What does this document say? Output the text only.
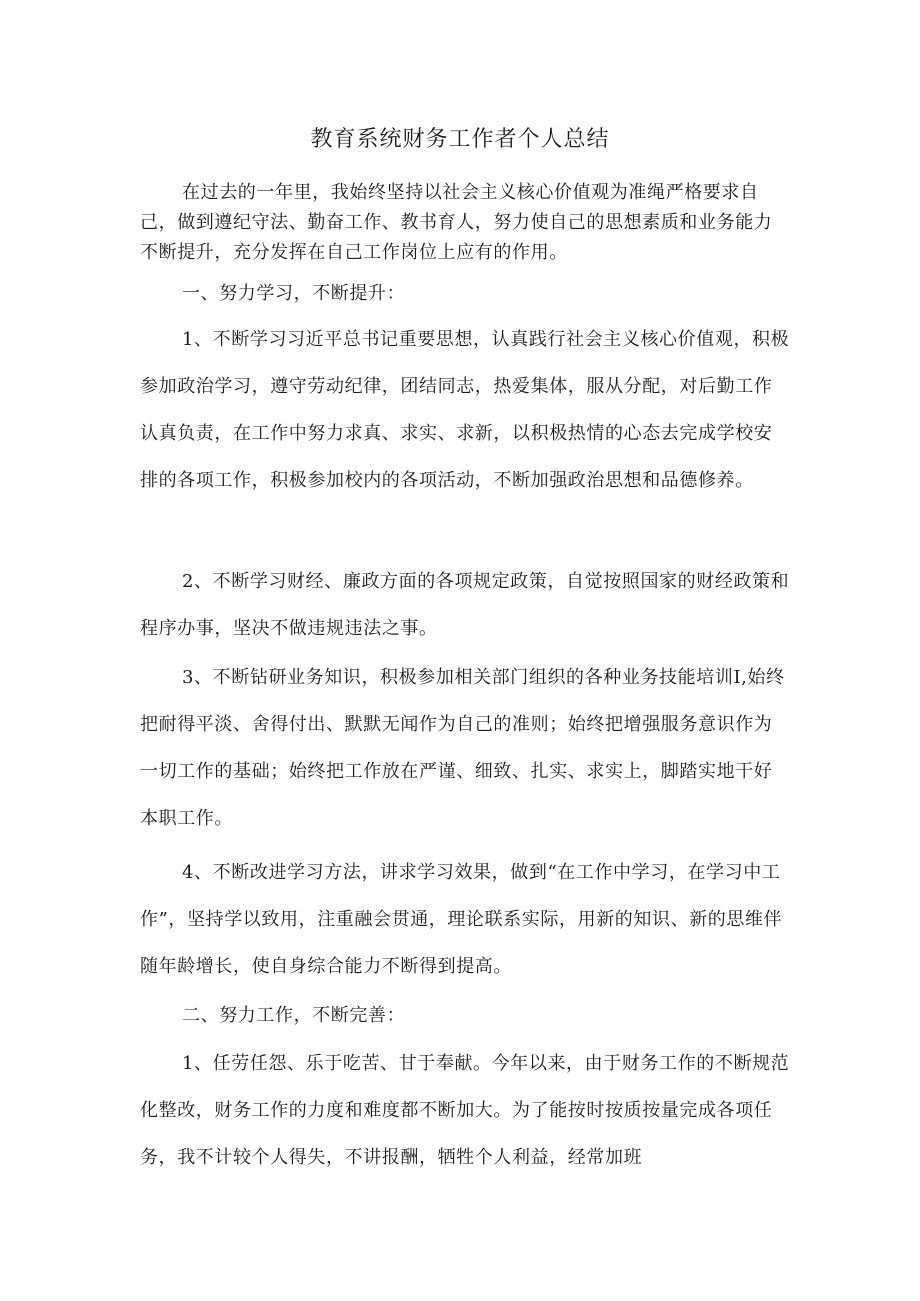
教育系统财务工作者个人总结

在过去的一年里，我始终坚持以社会主义核心价值观为准绳严格要求自己，做到遵纪守法、勤奋工作、教书育人，努力使自己的思想素质和业务能力不断提升，充分发挥在自己工作岗位上应有的作用。

一、努力学习，不断提升：

1、不断学习习近平总书记重要思想，认真践行社会主义核心价值观，积极参加政治学习，遵守劳动纪律，团结同志，热爱集体，服从分配，对后勤工作认真负责，在工作中努力求真、求实、求新，以积极热情的心态去完成学校安排的各项工作，积极参加校内的各项活动，不断加强政治思想和品德修养。

2、不断学习财经、廉政方面的各项规定政策，自觉按照国家的财经政策和程序办事，坚决不做违规违法之事。

3、不断钻研业务知识，积极参加相关部门组织的各种业务技能培训I,始终把耐得平淡、舍得付出、默默无闻作为自己的准则；始终把增强服务意识作为一切工作的基础；始终把工作放在严谨、细致、扎实、求实上，脚踏实地干好本职工作。

4、不断改进学习方法，讲求学习效果，做到“在工作中学习，在学习中工作”，坚持学以致用，注重融会贯通，理论联系实际，用新的知识、新的思维伴随年龄增长，使自身综合能力不断得到提高。

二、努力工作，不断完善：

1、任劳任怨、乐于吃苦、甘于奉献。今年以来，由于财务工作的不断规范化整改，财务工作的力度和难度都不断加大。为了能按时按质按量完成各项任务，我不计较个人得失，不讲报酬，牺牲个人利益，经常加班
